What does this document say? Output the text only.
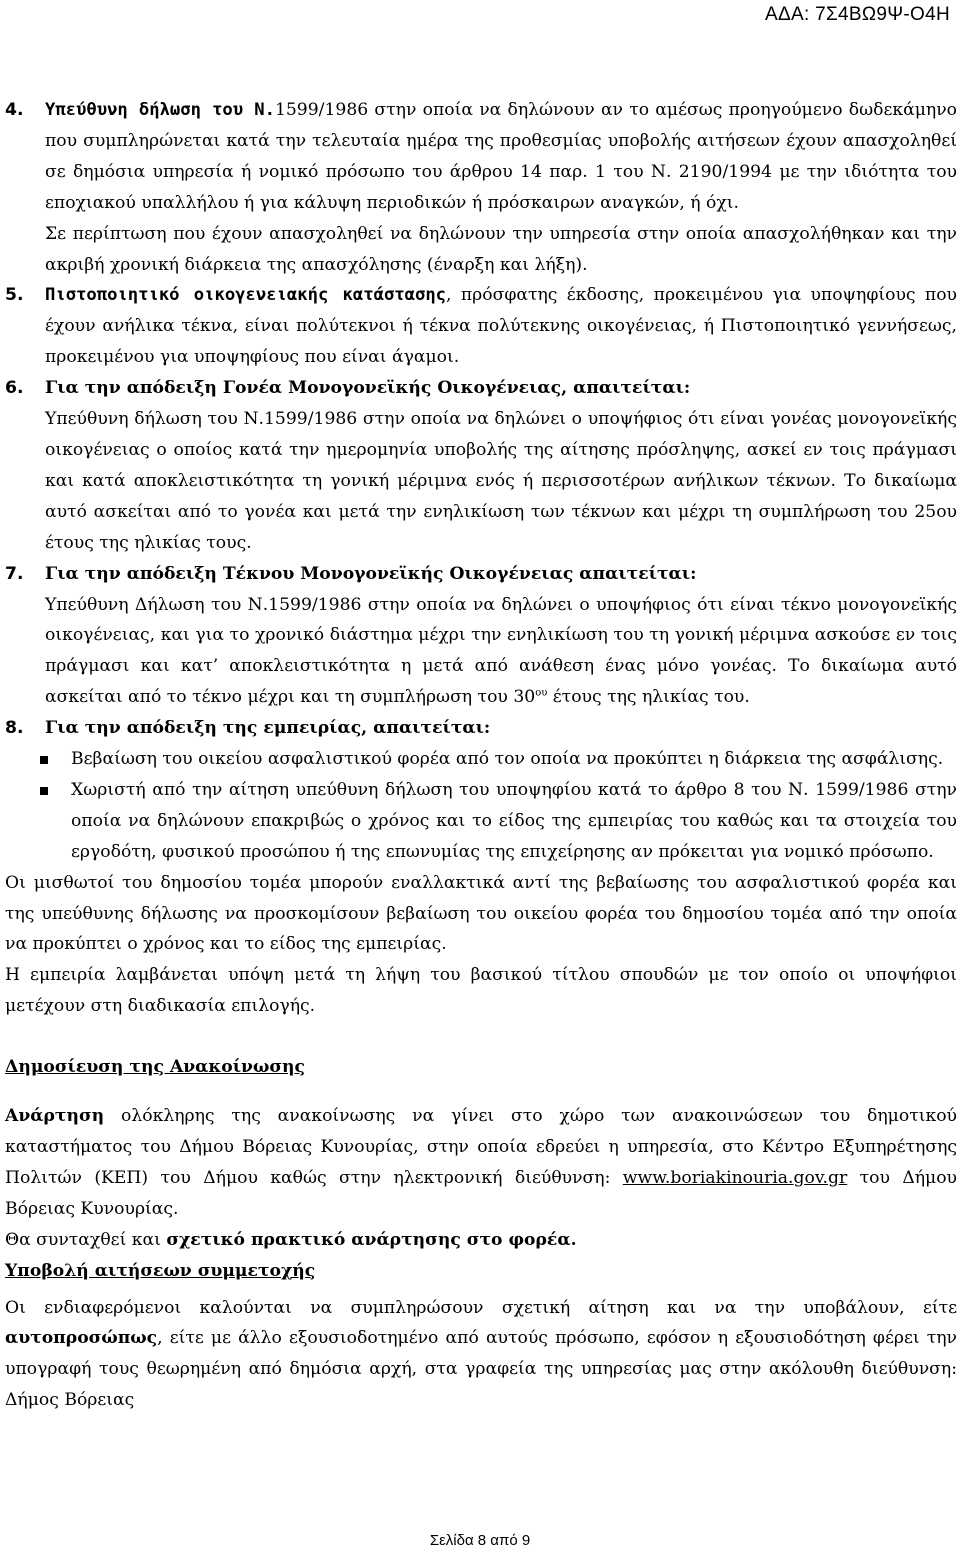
ΑΔΑ: 7Σ4ΒΩ9Ψ-Ο4Η

4. Υπεύθυνη δήλωση του Ν.1599/1986 στην οποία να δηλώνουν αν το αμέσως προηγούμενο δωδεκάμηνο που συμπληρώνεται κατά την τελευταία ημέρα της προθεσμίας υποβολής αιτήσεων έχουν απασχοληθεί σε δημόσια υπηρεσία ή νομικό πρόσωπο του άρθρου 14 παρ. 1 του Ν. 2190/1994 με την ιδιότητα του εποχιακού υπαλλήλου ή για κάλυψη περιοδικών ή πρόσκαιρων αναγκών, ή όχι.

Σε περίπτωση που έχουν απασχοληθεί να δηλώνουν την υπηρεσία στην οποία απασχολήθηκαν και την ακριβή χρονική διάρκεια της απασχόλησης (έναρξη και λήξη).

5. Πιστοποιητικό οικογενειακής κατάστασης, πρόσφατης έκδοσης, προκειμένου για υποψηφίους που έχουν ανήλικα τέκνα, είναι πολύτεκνοι ή τέκνα πολύτεκνης οικογένειας, ή Πιστοποιητικό γεννήσεως, προκειμένου για υποψηφίους που είναι άγαμοι.

6. Για την απόδειξη Γονέα Μονογονεϊκής Οικογένειας, απαιτείται:

Υπεύθυνη δήλωση του Ν.1599/1986 στην οποία να δηλώνει ο υποψήφιος ότι είναι γονέας μονογονεϊκής οικογένειας ο οποίος κατά την ημερομηνία υποβολής της αίτησης πρόσληψης, ασκεί εν τοις πράγμασι και κατά αποκλειστικότητα τη γονική μέριμνα ενός ή περισσοτέρων ανήλικων τέκνων. Το δικαίωμα αυτό ασκείται από το γονέα και μετά την ενηλικίωση των τέκνων και μέχρι τη συμπλήρωση του 25ου έτους της ηλικίας τους.

7. Για την απόδειξη Τέκνου Μονογονεϊκής Οικογένειας απαιτείται:

Υπεύθυνη Δήλωση του Ν.1599/1986 στην οποία να δηλώνει ο υποψήφιος ότι είναι τέκνο μονογονεϊκής οικογένειας, και για το χρονικό διάστημα μέχρι την ενηλικίωση του τη γονική μέριμνα ασκούσε εν τοις πράγμασι και κατ’ αποκλειστικότητα η μετά από ανάθεση ένας μόνο γονέας. Το δικαίωμα αυτό ασκείται από το τέκνο μέχρι και τη συμπλήρωση του $30^{o\upsilon}$ έτους της ηλικίας του.

8. Για την απόδειξη της εμπειρίας, απαιτείται:

Βεβαίωση του οικείου ασφαλιστικού φορέα από τον οποία να προκύπτει η διάρκεια της ασφάλισης.

Χωριστή από την αίτηση υπεύθυνη δήλωση του υποψηφίου κατά το άρθρο 8 του Ν. 1599/1986 στην οποία να δηλώνουν επακριβώς ο χρόνος και το είδος της εμπειρίας του καθώς και τα στοιχεία του εργοδότη, φυσικού προσώπου ή της επωνυμίας της επιχείρησης αν πρόκειται για νομικό πρόσωπο.

Οι μισθωτοί του δημοσίου τομέα μπορούν εναλλακτικά αντί της βεβαίωσης του ασφαλιστικού φορέα και της υπεύθυνης δήλωσης να προσκομίσουν βεβαίωση του οικείου φορέα του δημοσίου τομέα από την οποία να προκύπτει ο χρόνος και το είδος της εμπειρίας.

Η εμπειρία λαμβάνεται υπόψη μετά τη λήψη του βασικού τίτλου σπουδών με τον οποίο οι υποψήφιοι μετέχουν στη διαδικασία επιλογής.

Δημοσίευση της Ανακοίνωσης

Ανάρτηση ολόκληρης της ανακοίνωσης να γίνει στο χώρο των ανακοινώσεων του δημοτικού καταστήματος του Δήμου Βόρειας Κυνουρίας, στην οποία εδρεύει η υπηρεσία, στο Κέντρο Εξυπηρέτησης Πολιτών (ΚΕΠ) του Δήμου καθώς στην ηλεκτρονική διεύθυνση: www.boriakinouria.gov.gr του Δήμου Βόρειας Κυνουρίας.

Θα συνταχθεί και σχετικό πρακτικό ανάρτησης στο φορέα.

Υποβολή αιτήσεων συμμετοχής

Οι ενδιαφερόμενοι καλούνται να συμπληρώσουν σχετική αίτηση και να την υποβάλουν, είτε αυτοπροσώπως, είτε με άλλο εξουσιοδοτημένο από αυτούς πρόσωπο, εφόσον η εξουσιοδότηση φέρει την υπογραφή τους θεωρημένη από δημόσια αρχή, στα γραφεία της υπηρεσίας μας στην ακόλουθη διεύθυνση: Δήμος Βόρειας

Σελίδα 8 από 9
